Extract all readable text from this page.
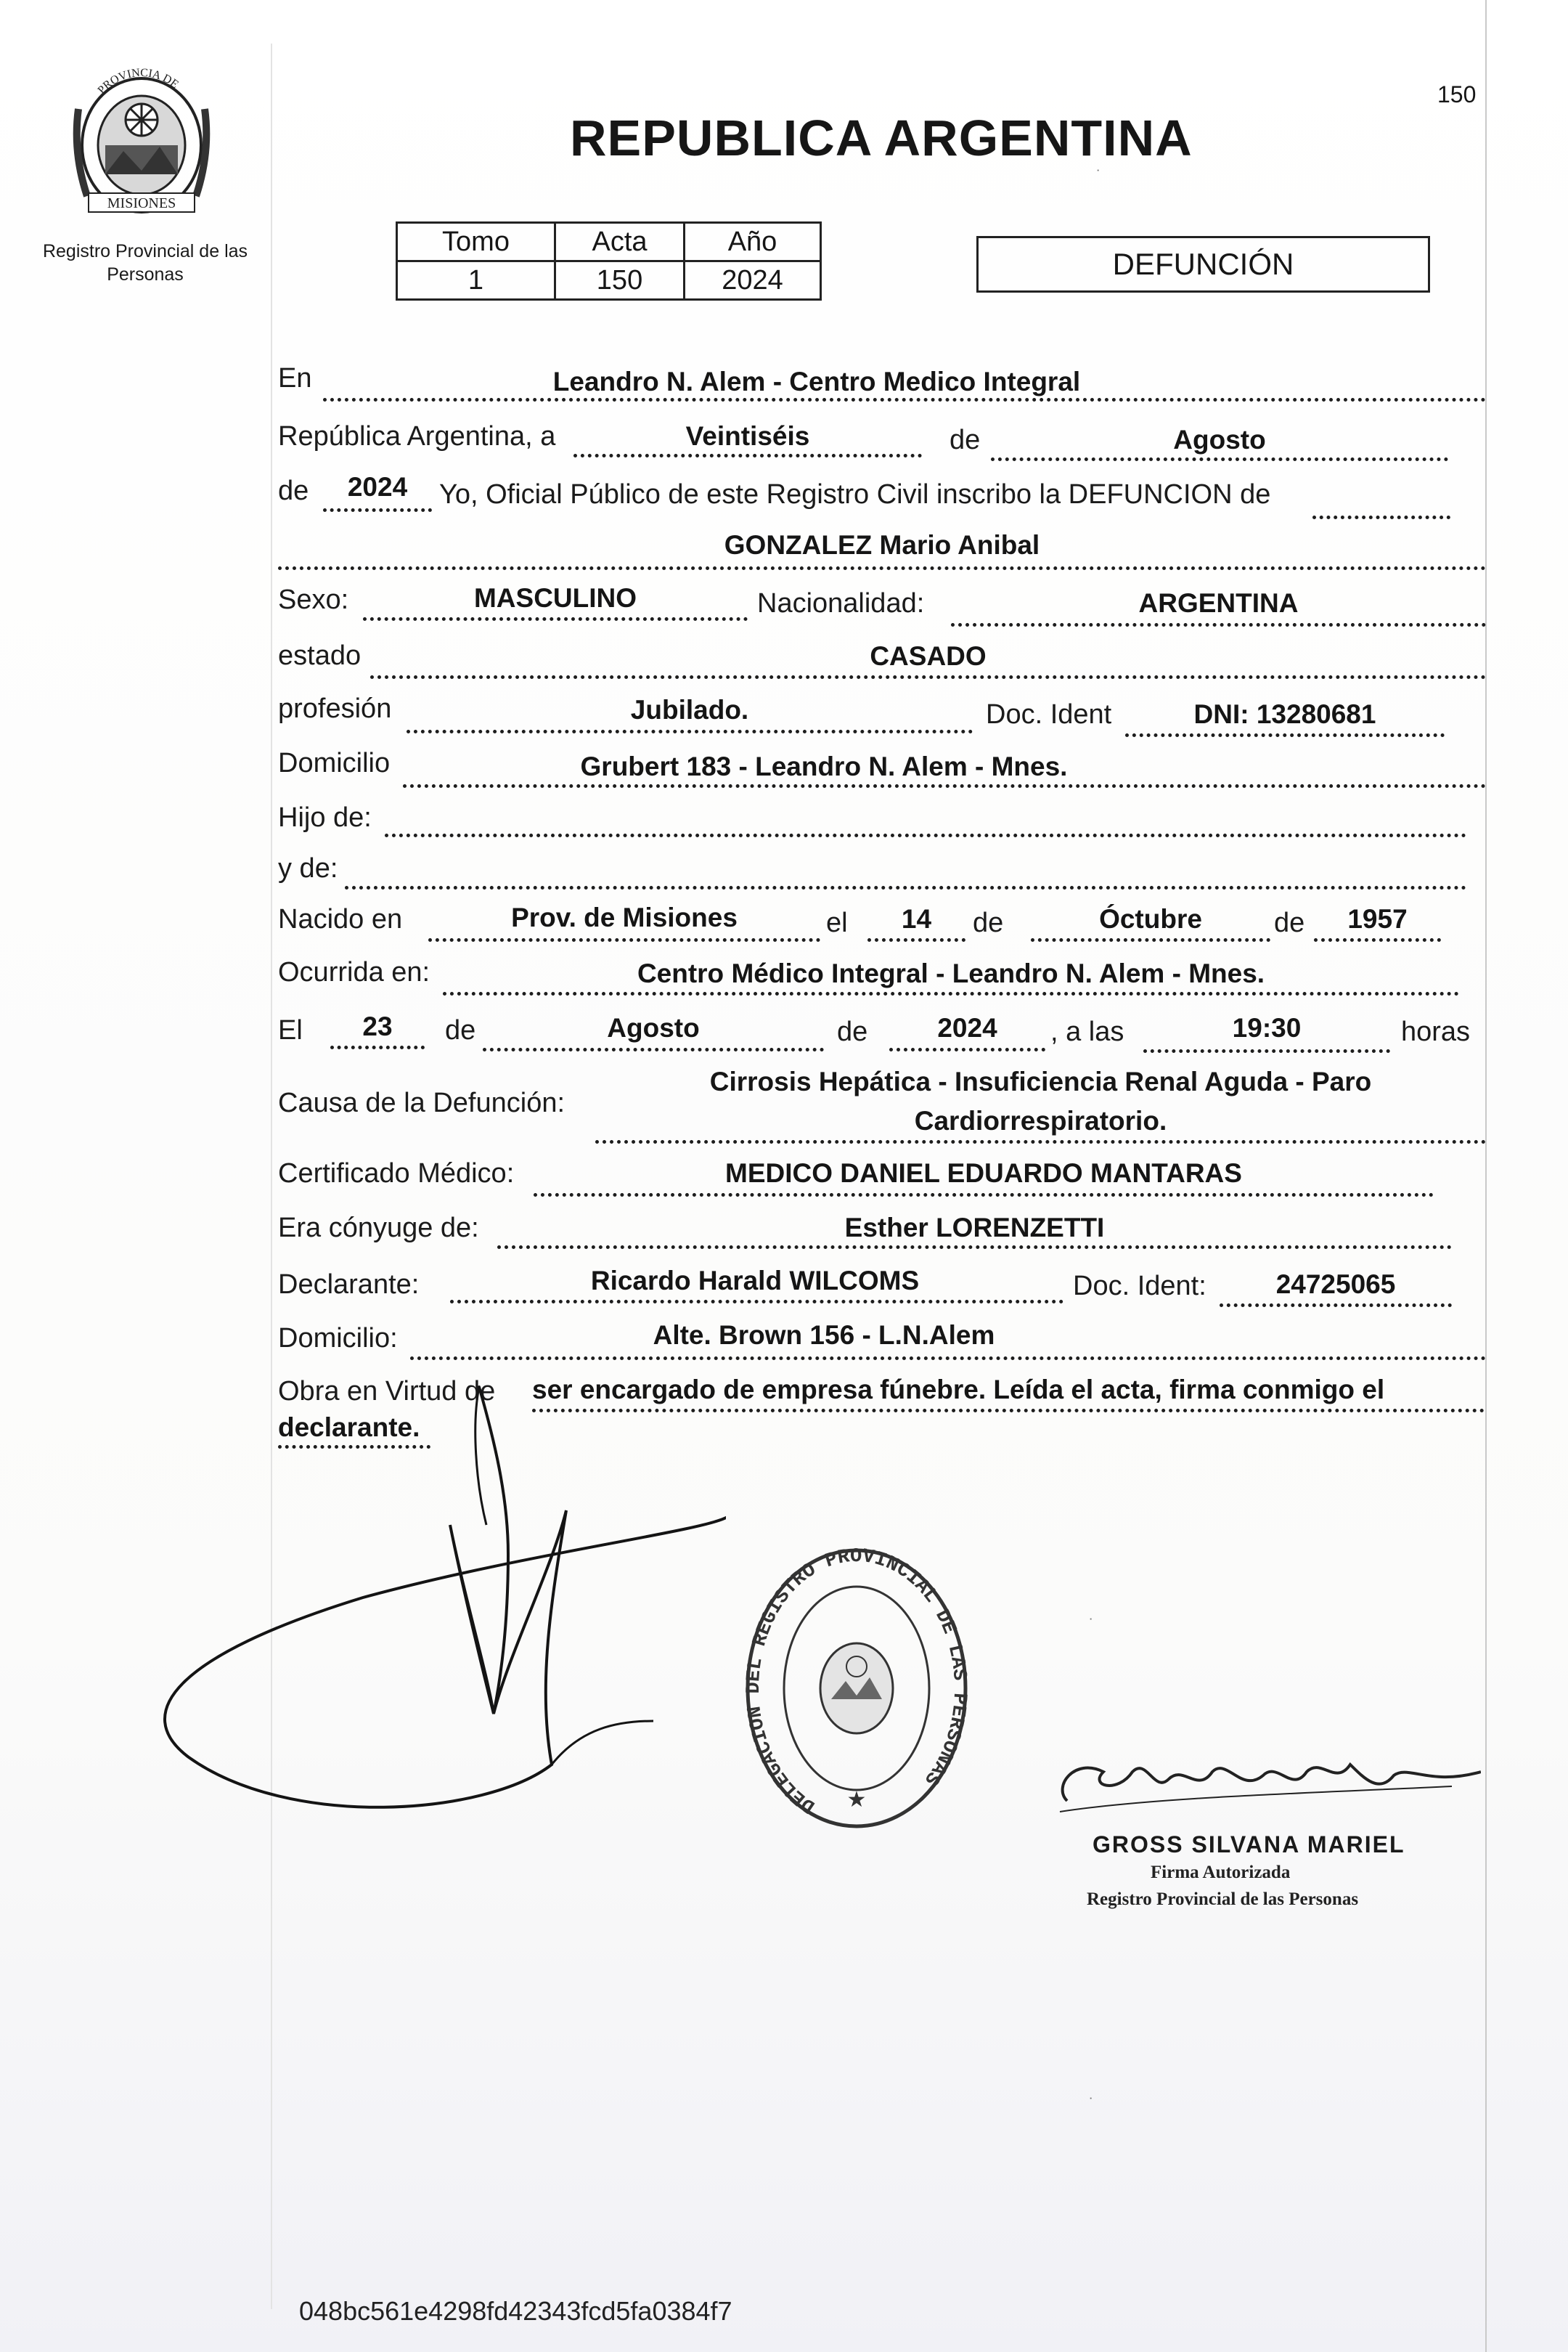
PROVINCIA DE
MISIONES
Registro Provincial de las Personas
REPUBLICA ARGENTINA
150
Tomo	Acta	Año
1	150	2024	DEFUNCIÓN
En	Leandro N. Alem - Centro Medico Integral
República Argentina, a	Veintiséis	de	Agosto
de	2024	Yo, Oficial Público de este Registro Civil inscribo la DEFUNCION de
GONZALEZ Mario Anibal
Sexo:	MASCULINO	Nacionalidad:	ARGENTINA
estado	CASADO
profesión	Jubilado.	Doc. Ident	DNI: 13280681
Domicilio	Grubert 183 - Leandro N. Alem - Mnes.
Hijo de:
y de:
Nacido en	Prov. de Misiones	el	14	de	Óctubre	de	1957
Ocurrida en:	Centro Médico Integral - Leandro N. Alem - Mnes.
El	23	de	Agosto	de	2024	, a las	19:30	horas
Causa de la Defunción:
Cirrosis Hepática - Insuficiencia Renal Aguda - Paro Cardiorrespiratorio.
Certificado Médico:	MEDICO DANIEL EDUARDO MANTARAS
Era cónyuge de:	Esther LORENZETTI
Declarante:	Ricardo Harald WILCOMS	Doc. Ident:	24725065
Domicilio:	Alte. Brown 156 - L.N.Alem
Obra en Virtud de ser encargado de empresa fúnebre. Leída el acta, firma conmigo el
declarante.
DELEGACION DEL REGISTRO PROVINCIAL DE LAS PERSONAS
★
GROSS SILVANA MARIEL
Firma Autorizada
Registro Provincial de las Personas
˙
˙
˙
048bc561e4298fd42343fcd5fa0384f7
